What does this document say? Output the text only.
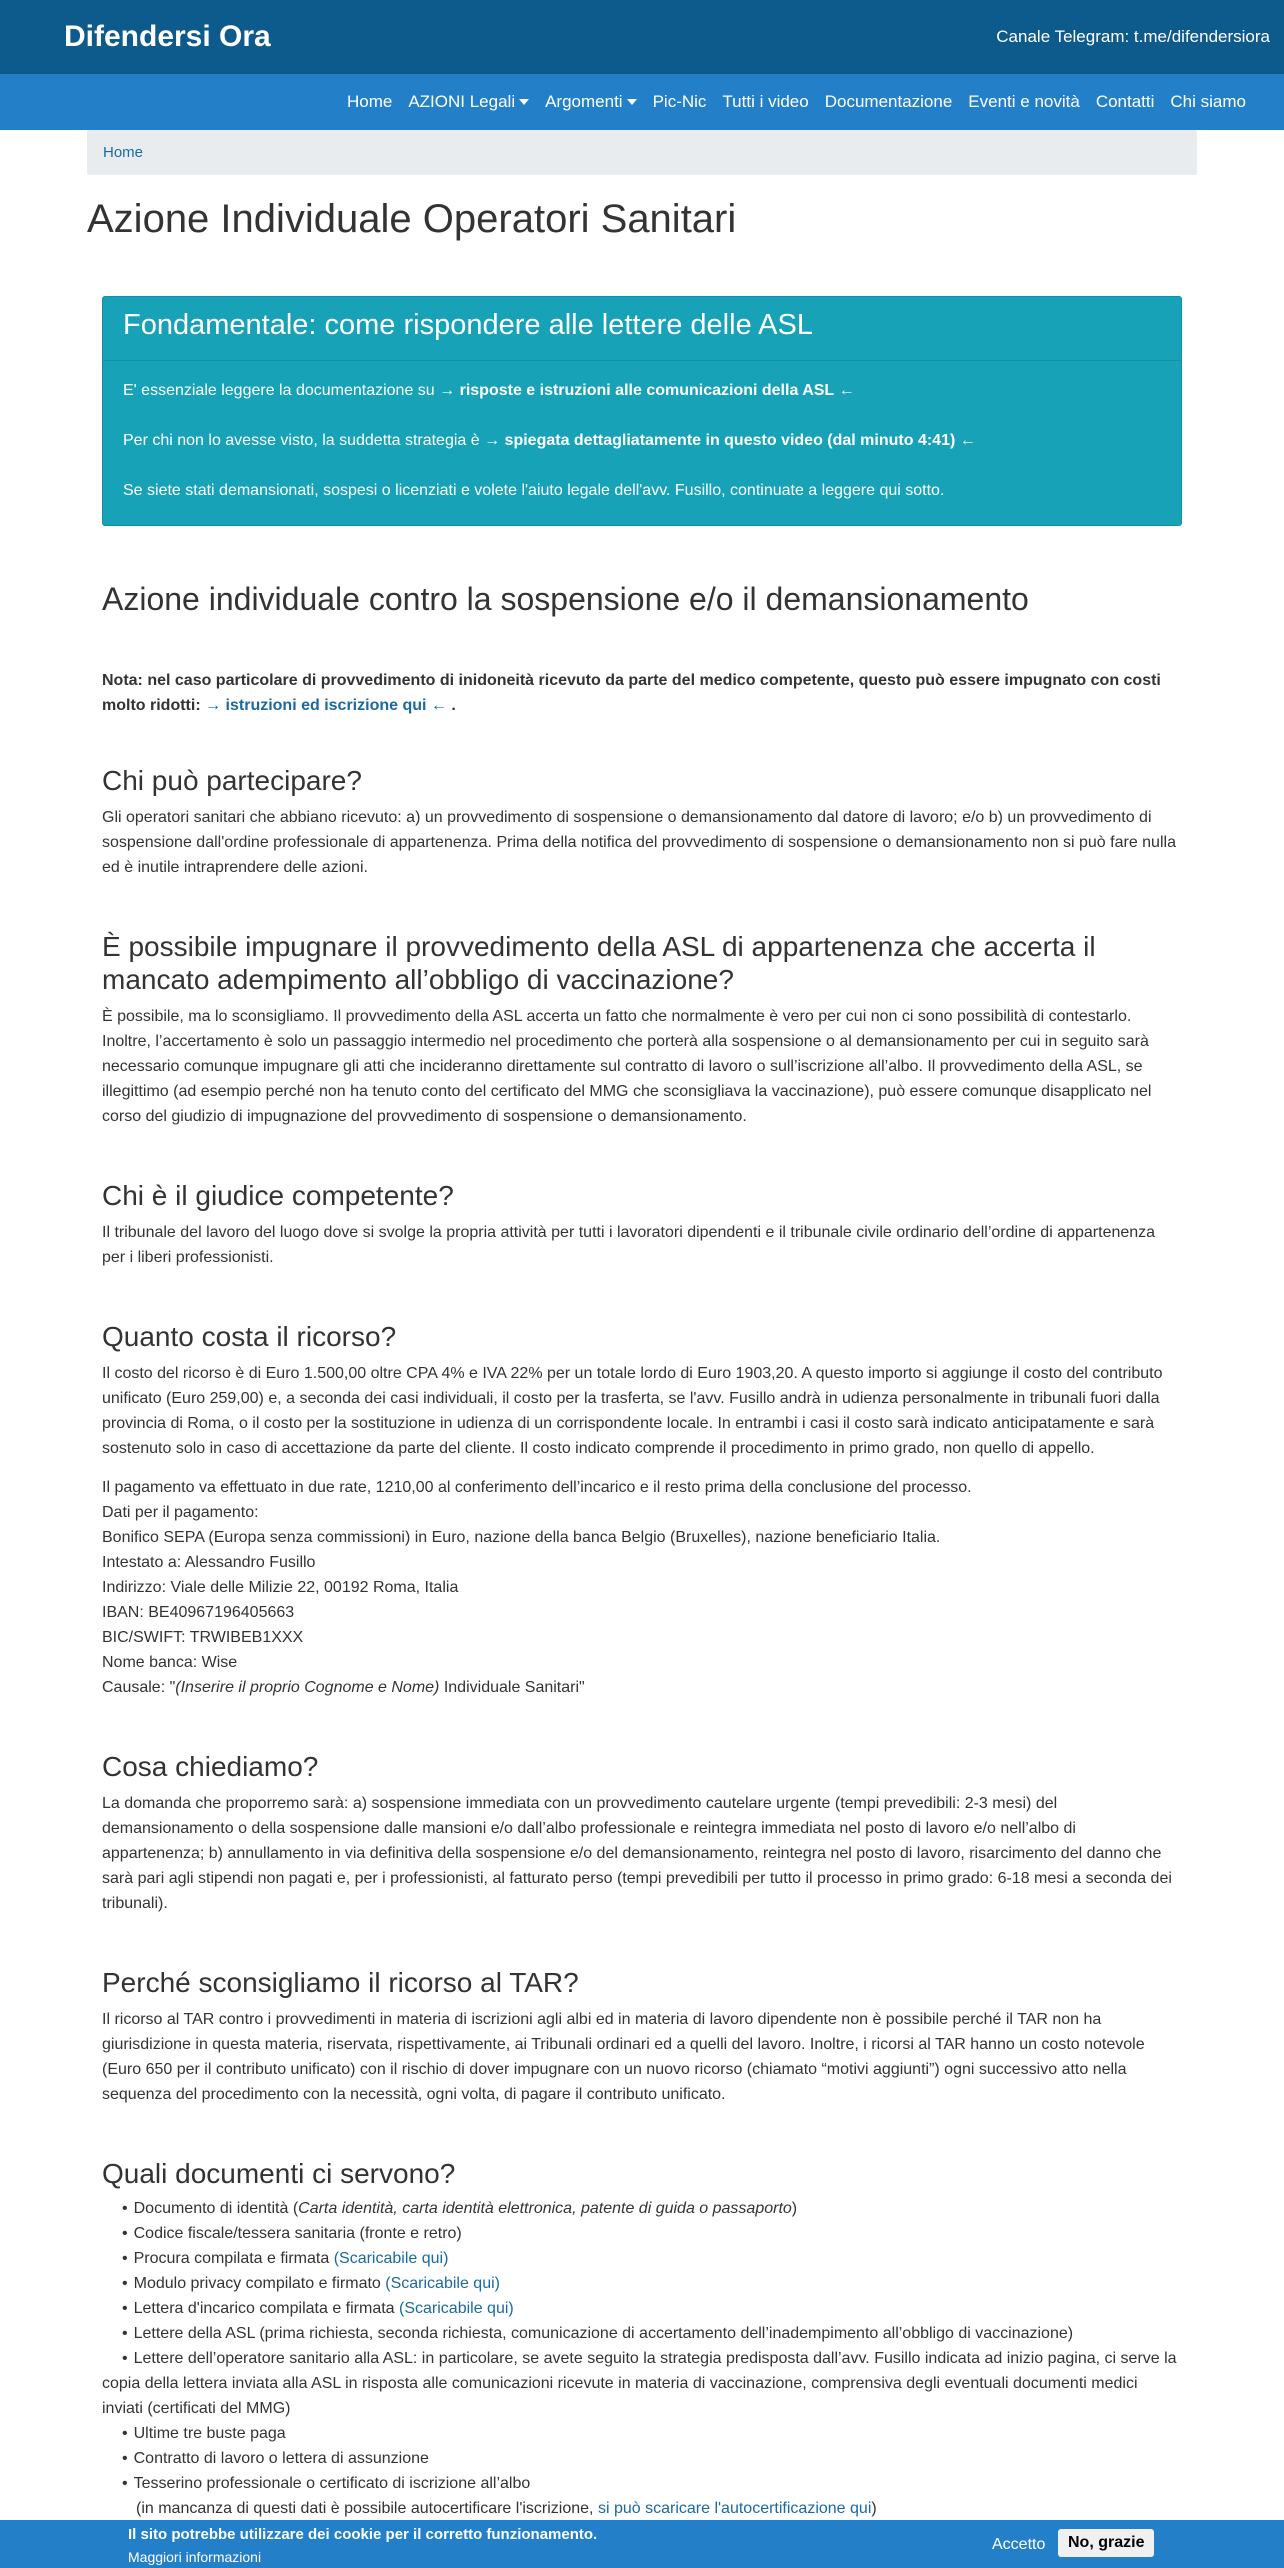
Difendersi Ora	Canale Telegram: t.me/difendersiora
Home AZIONI Legali Argomenti Pic-Nic Tutti i video Documentazione Eventi e novità Contatti Chi siamo
Home
Azione Individuale Operatori Sanitari
Fondamentale: come rispondere alle lettere delle ASL

E' essenziale leggere la documentazione su → risposte e istruzioni alle comunicazioni della ASL ←

Per chi non lo avesse visto, la suddetta strategia è → spiegata dettagliatamente in questo video (dal minuto 4:41) ←

Se siete stati demansionati, sospesi o licenziati e volete l'aiuto legale dell'avv. Fusillo, continuate a leggere qui sotto.

Azione individuale contro la sospensione e/o il demansionamento

Nota: nel caso particolare di provvedimento di inidoneità ricevuto da parte del medico competente, questo può essere impugnato con costi molto ridotti: → istruzioni ed iscrizione qui ← .

Chi può partecipare?

Gli operatori sanitari che abbiano ricevuto: a) un provvedimento di sospensione o demansionamento dal datore di lavoro; e/o b) un provvedimento di sospensione dall'ordine professionale di appartenenza. Prima della notifica del provvedimento di sospensione o demansionamento non si può fare nulla ed è inutile intraprendere delle azioni.

È possibile impugnare il provvedimento della ASL di appartenenza che accerta il mancato adempimento all’obbligo di vaccinazione?

È possibile, ma lo sconsigliamo. Il provvedimento della ASL accerta un fatto che normalmente è vero per cui non ci sono possibilità di contestarlo. Inoltre, l’accertamento è solo un passaggio intermedio nel procedimento che porterà alla sospensione o al demansionamento per cui in seguito sarà necessario comunque impugnare gli atti che incideranno direttamente sul contratto di lavoro o sull’iscrizione all’albo. Il provvedimento della ASL, se illegittimo (ad esempio perché non ha tenuto conto del certificato del MMG che sconsigliava la vaccinazione), può essere comunque disapplicato nel corso del giudizio di impugnazione del provvedimento di sospensione o demansionamento.

Chi è il giudice competente?

Il tribunale del lavoro del luogo dove si svolge la propria attività per tutti i lavoratori dipendenti e il tribunale civile ordinario dell’ordine di appartenenza per i liberi professionisti.

Quanto costa il ricorso?

Il costo del ricorso è di Euro 1.500,00 oltre CPA 4% e IVA 22% per un totale lordo di Euro 1903,20. A questo importo si aggiunge il costo del contributo unificato (Euro 259,00) e, a seconda dei casi individuali, il costo per la trasferta, se l'avv. Fusillo andrà in udienza personalmente in tribunali fuori dalla provincia di Roma, o il costo per la sostituzione in udienza di un corrispondente locale. In entrambi i casi il costo sarà indicato anticipatamente e sarà sostenuto solo in caso di accettazione da parte del cliente. Il costo indicato comprende il procedimento in primo grado, non quello di appello.

Il pagamento va effettuato in due rate, 1210,00 al conferimento dell’incarico e il resto prima della conclusione del processo.
Dati per il pagamento:
Bonifico SEPA (Europa senza commissioni) in Euro, nazione della banca Belgio (Bruxelles), nazione beneficiario Italia.
Intestato a: Alessandro Fusillo
Indirizzo: Viale delle Milizie 22, 00192 Roma, Italia
IBAN: BE40967196405663
BIC/SWIFT: TRWIBEB1XXX
Nome banca: Wise
Causale: "(Inserire il proprio Cognome e Nome) Individuale Sanitari"
Cosa chiediamo?

La domanda che proporremo sarà: a) sospensione immediata con un provvedimento cautelare urgente (tempi prevedibili: 2-3 mesi) del demansionamento o della sospensione dalle mansioni e/o dall’albo professionale e reintegra immediata nel posto di lavoro e/o nell’albo di appartenenza; b) annullamento in via definitiva della sospensione e/o del demansionamento, reintegra nel posto di lavoro, risarcimento del danno che sarà pari agli stipendi non pagati e, per i professionisti, al fatturato perso (tempi prevedibili per tutto il processo in primo grado: 6-18 mesi a seconda dei tribunali).

Perché sconsigliamo il ricorso al TAR?

Il ricorso al TAR contro i provvedimenti in materia di iscrizioni agli albi ed in materia di lavoro dipendente non è possibile perché il TAR non ha giurisdizione in questa materia, riservata, rispettivamente, ai Tribunali ordinari ed a quelli del lavoro. Inoltre, i ricorsi al TAR hanno un costo notevole (Euro 650 per il contributo unificato) con il rischio di dover impugnare con un nuovo ricorso (chiamato “motivi aggiunti”) ogni successivo atto nella sequenza del procedimento con la necessità, ogni volta, di pagare il contributo unificato.

Quali documenti ci servono?
• Documento di identità (Carta identità, carta identità elettronica, patente di guida o passaporto)
• Codice fiscale/tessera sanitaria (fronte e retro)
• Procura compilata e firmata (Scaricabile qui)
• Modulo privacy compilato e firmato (Scaricabile qui)
• Lettera d'incarico compilata e firmata (Scaricabile qui)
• Lettere della ASL (prima richiesta, seconda richiesta, comunicazione di accertamento dell’inadempimento all’obbligo di vaccinazione)
• Lettere dell’operatore sanitario alla ASL: in particolare, se avete seguito la strategia predisposta dall’avv. Fusillo indicata ad inizio pagina, ci serve la copia della lettera inviata alla ASL in risposta alle comunicazioni ricevute in materia di vaccinazione, comprensiva degli eventuali documenti medici inviati (certificati del MMG)
• Ultime tre buste paga
• Contratto di lavoro o lettera di assunzione
• Tesserino professionale o certificato di iscrizione all’albo
(in mancanza di questi dati è possibile autocertificare l'iscrizione, si può scaricare l'autocertificazione qui)
Il sito potrebbe utilizzare dei cookie per il corretto funzionamento.
Maggiori informazioni
Accetto	No, grazie
